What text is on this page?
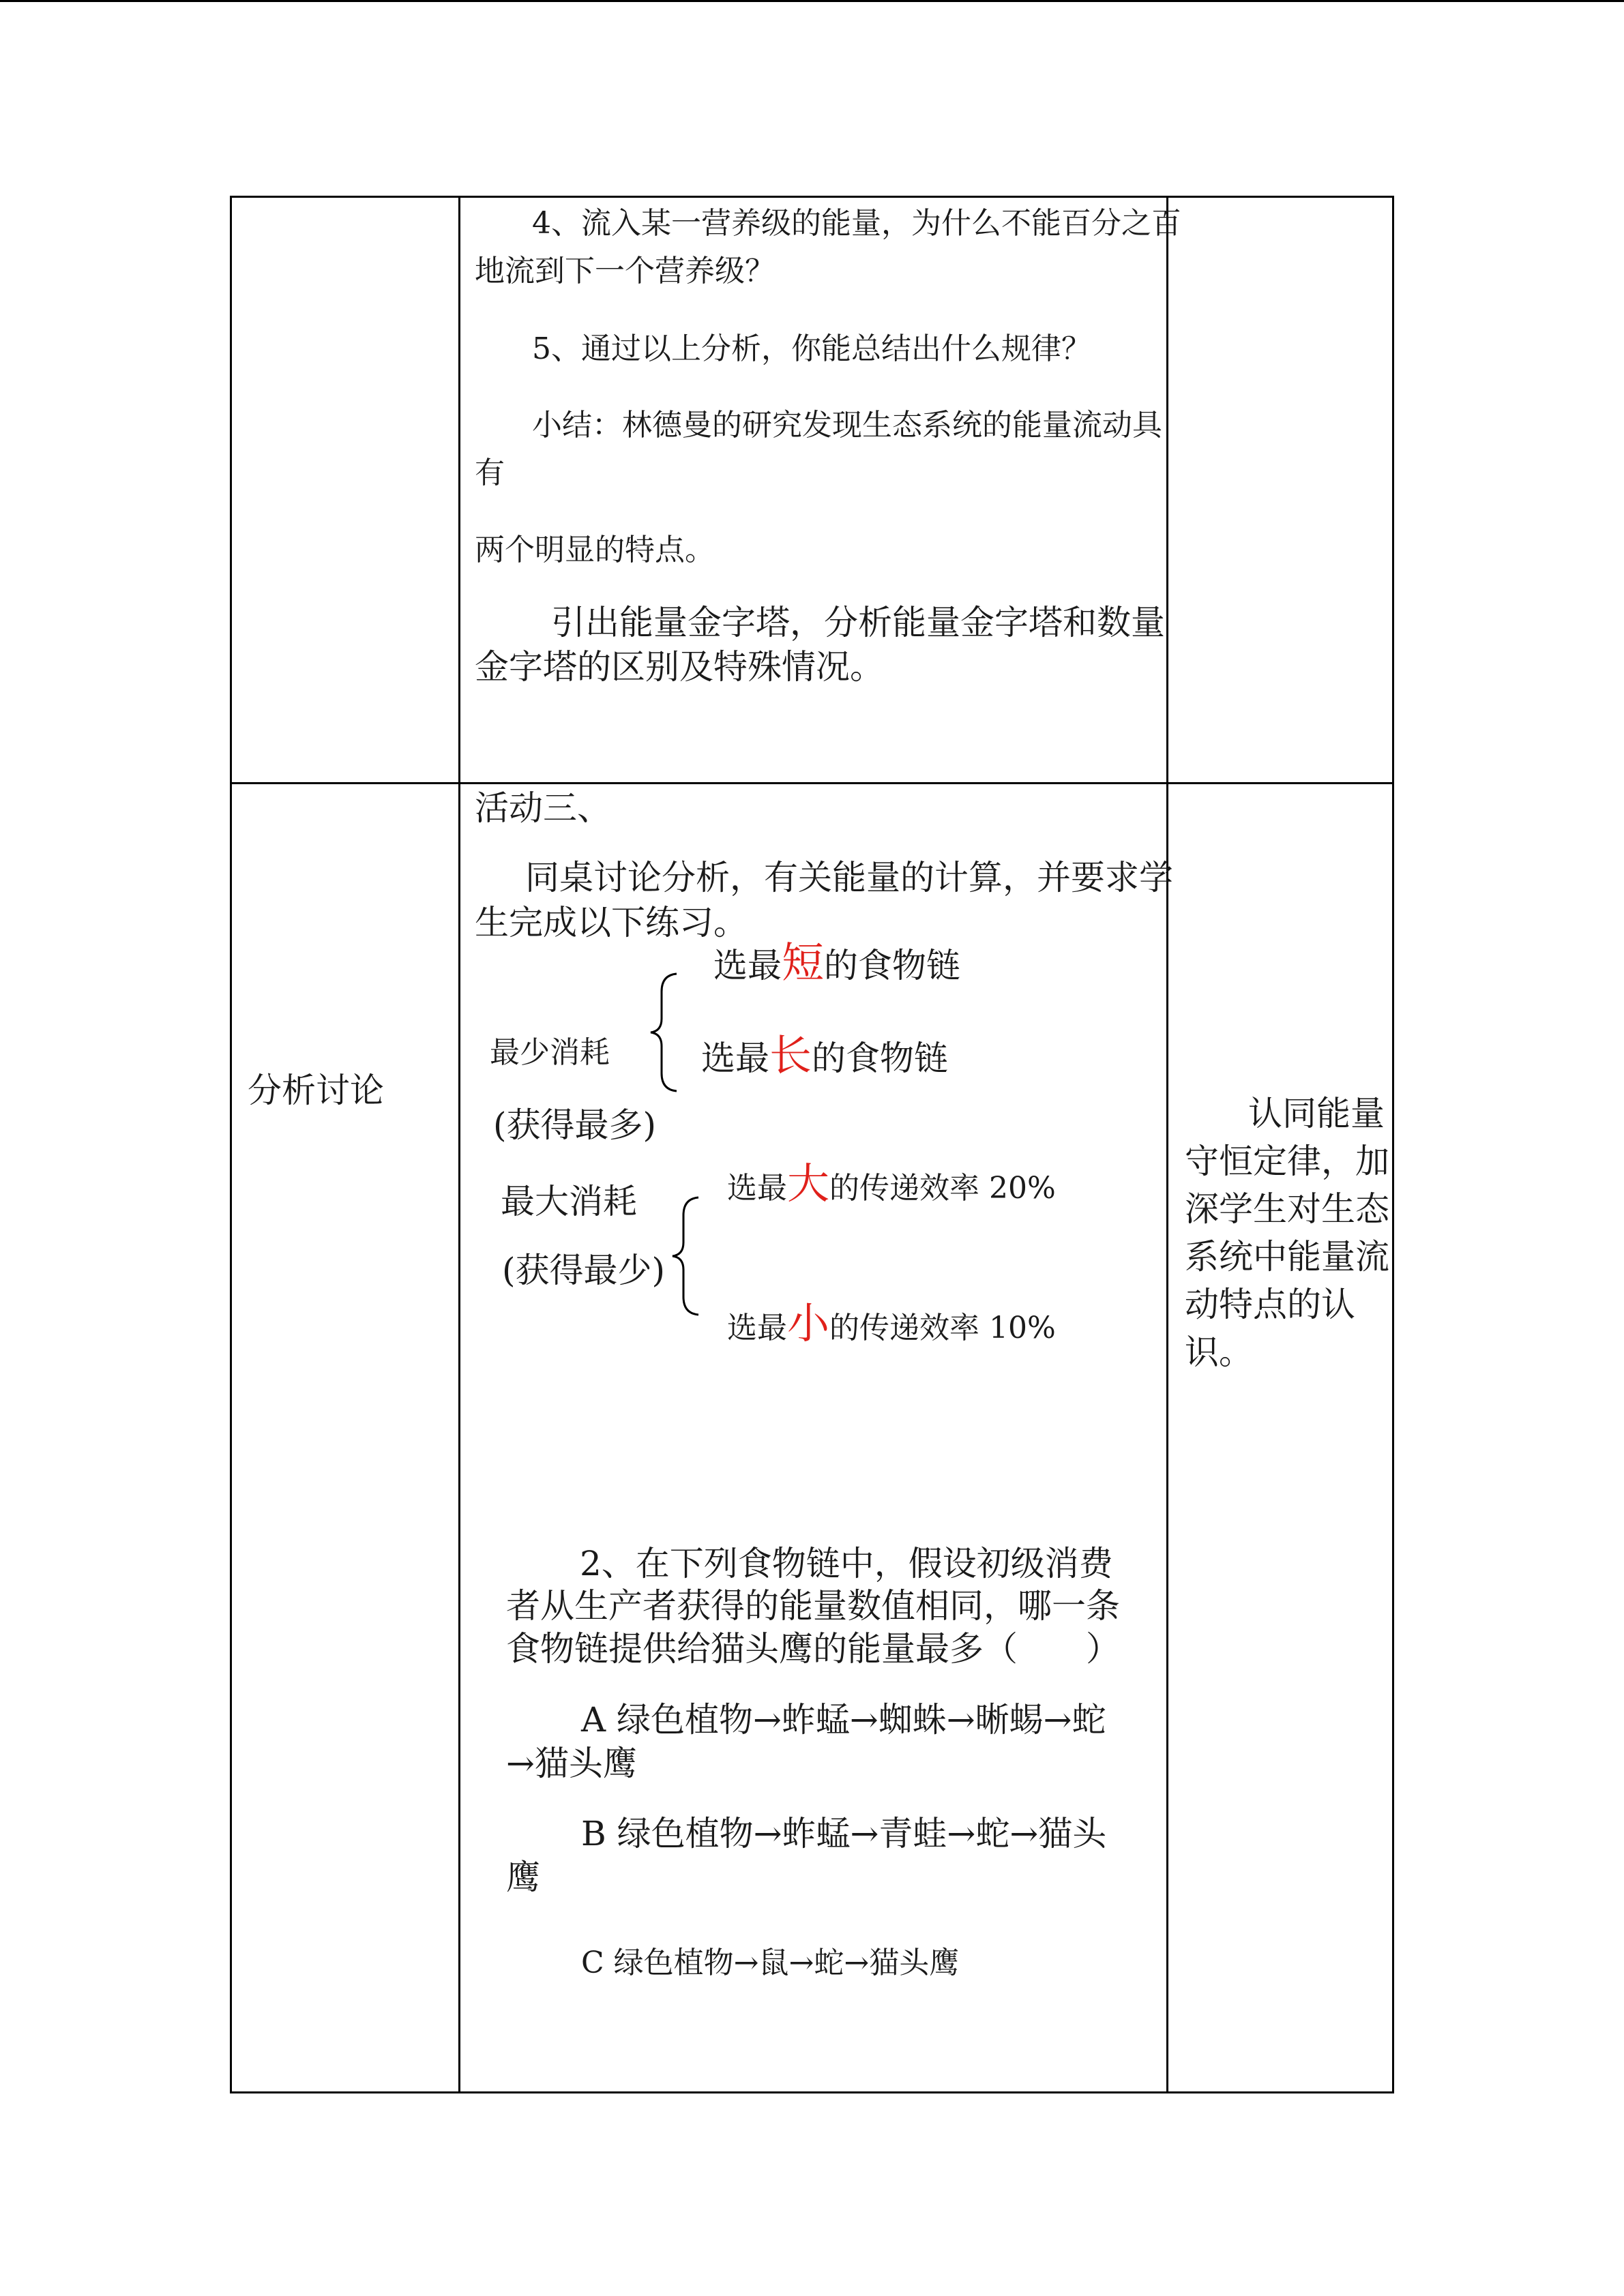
4、流入某一营养级的能量，为什么不能百分之百
地流到下一个营养级？
5、通过以上分析，你能总结出什么规律？
小结：林德曼的研究发现生态系统的能量流动具
有
两个明显的特点。
引出能量金字塔，分析能量金字塔和数量
金字塔的区别及特殊情况。
分析讨论
活动三、
同桌讨论分析，有关能量的计算，并要求学
生完成以下练习。
选最短的食物链
最少消耗	选最长的食物链
(获得最多)
最大消耗	选最大的传递效率 20%
(获得最少)
选最小的传递效率 10%
2、在下列食物链中，假设初级消费
者从生产者获得的能量数值相同，哪一条
食物链提供给猫头鹰的能量最多（　　）
A 绿色植物→蚱蜢→蜘蛛→晰蜴→蛇
→猫头鹰
B 绿色植物→蚱蜢→青蛙→蛇→猫头
鹰
C 绿色植物→鼠→蛇→猫头鹰
认同能量
守恒定律，加
深学生对生态
系统中能量流
动特点的认
识。
